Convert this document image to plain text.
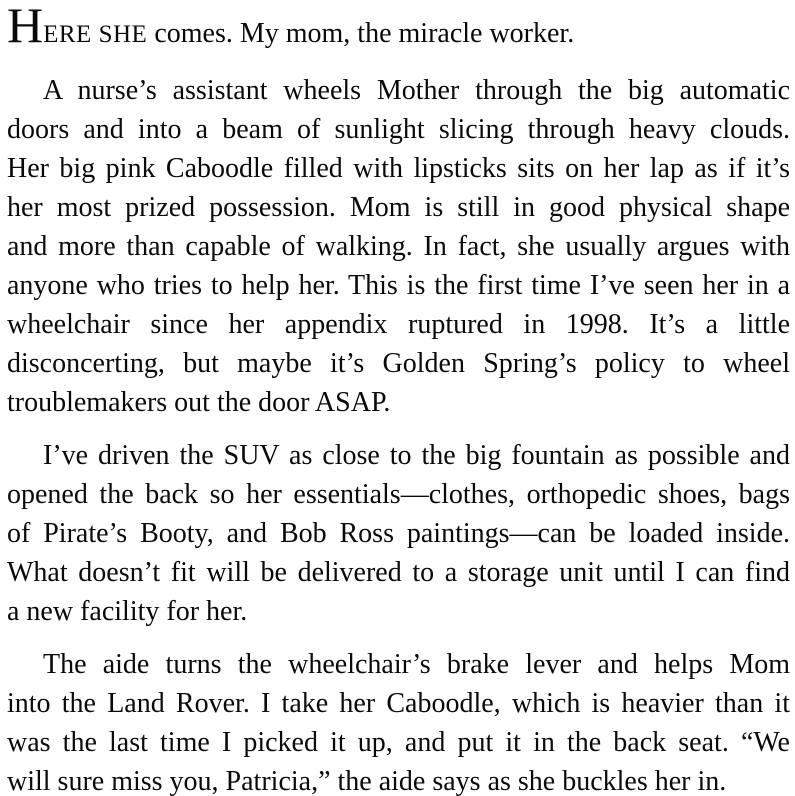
HERE SHE comes. My mom, the miracle worker.
A nurse’s assistant wheels Mother through the big automatic
doors and into a beam of sunlight slicing through heavy clouds.
Her big pink Caboodle filled with lipsticks sits on her lap as if it’s
her most prized possession. Mom is still in good physical shape
and more than capable of walking. In fact, she usually argues with
anyone who tries to help her. This is the first time I’ve seen her in a
wheelchair since her appendix ruptured in 1998. It’s a little
disconcerting, but maybe it’s Golden Spring’s policy to wheel
troublemakers out the door ASAP.
I’ve driven the SUV as close to the big fountain as possible and
opened the back so her essentials—clothes, orthopedic shoes, bags
of Pirate’s Booty, and Bob Ross paintings—can be loaded inside.
What doesn’t fit will be delivered to a storage unit until I can find
a new facility for her.
The aide turns the wheelchair’s brake lever and helps Mom
into the Land Rover. I take her Caboodle, which is heavier than it
was the last time I picked it up, and put it in the back seat. “We
will sure miss you, Patricia,” the aide says as she buckles her in.
